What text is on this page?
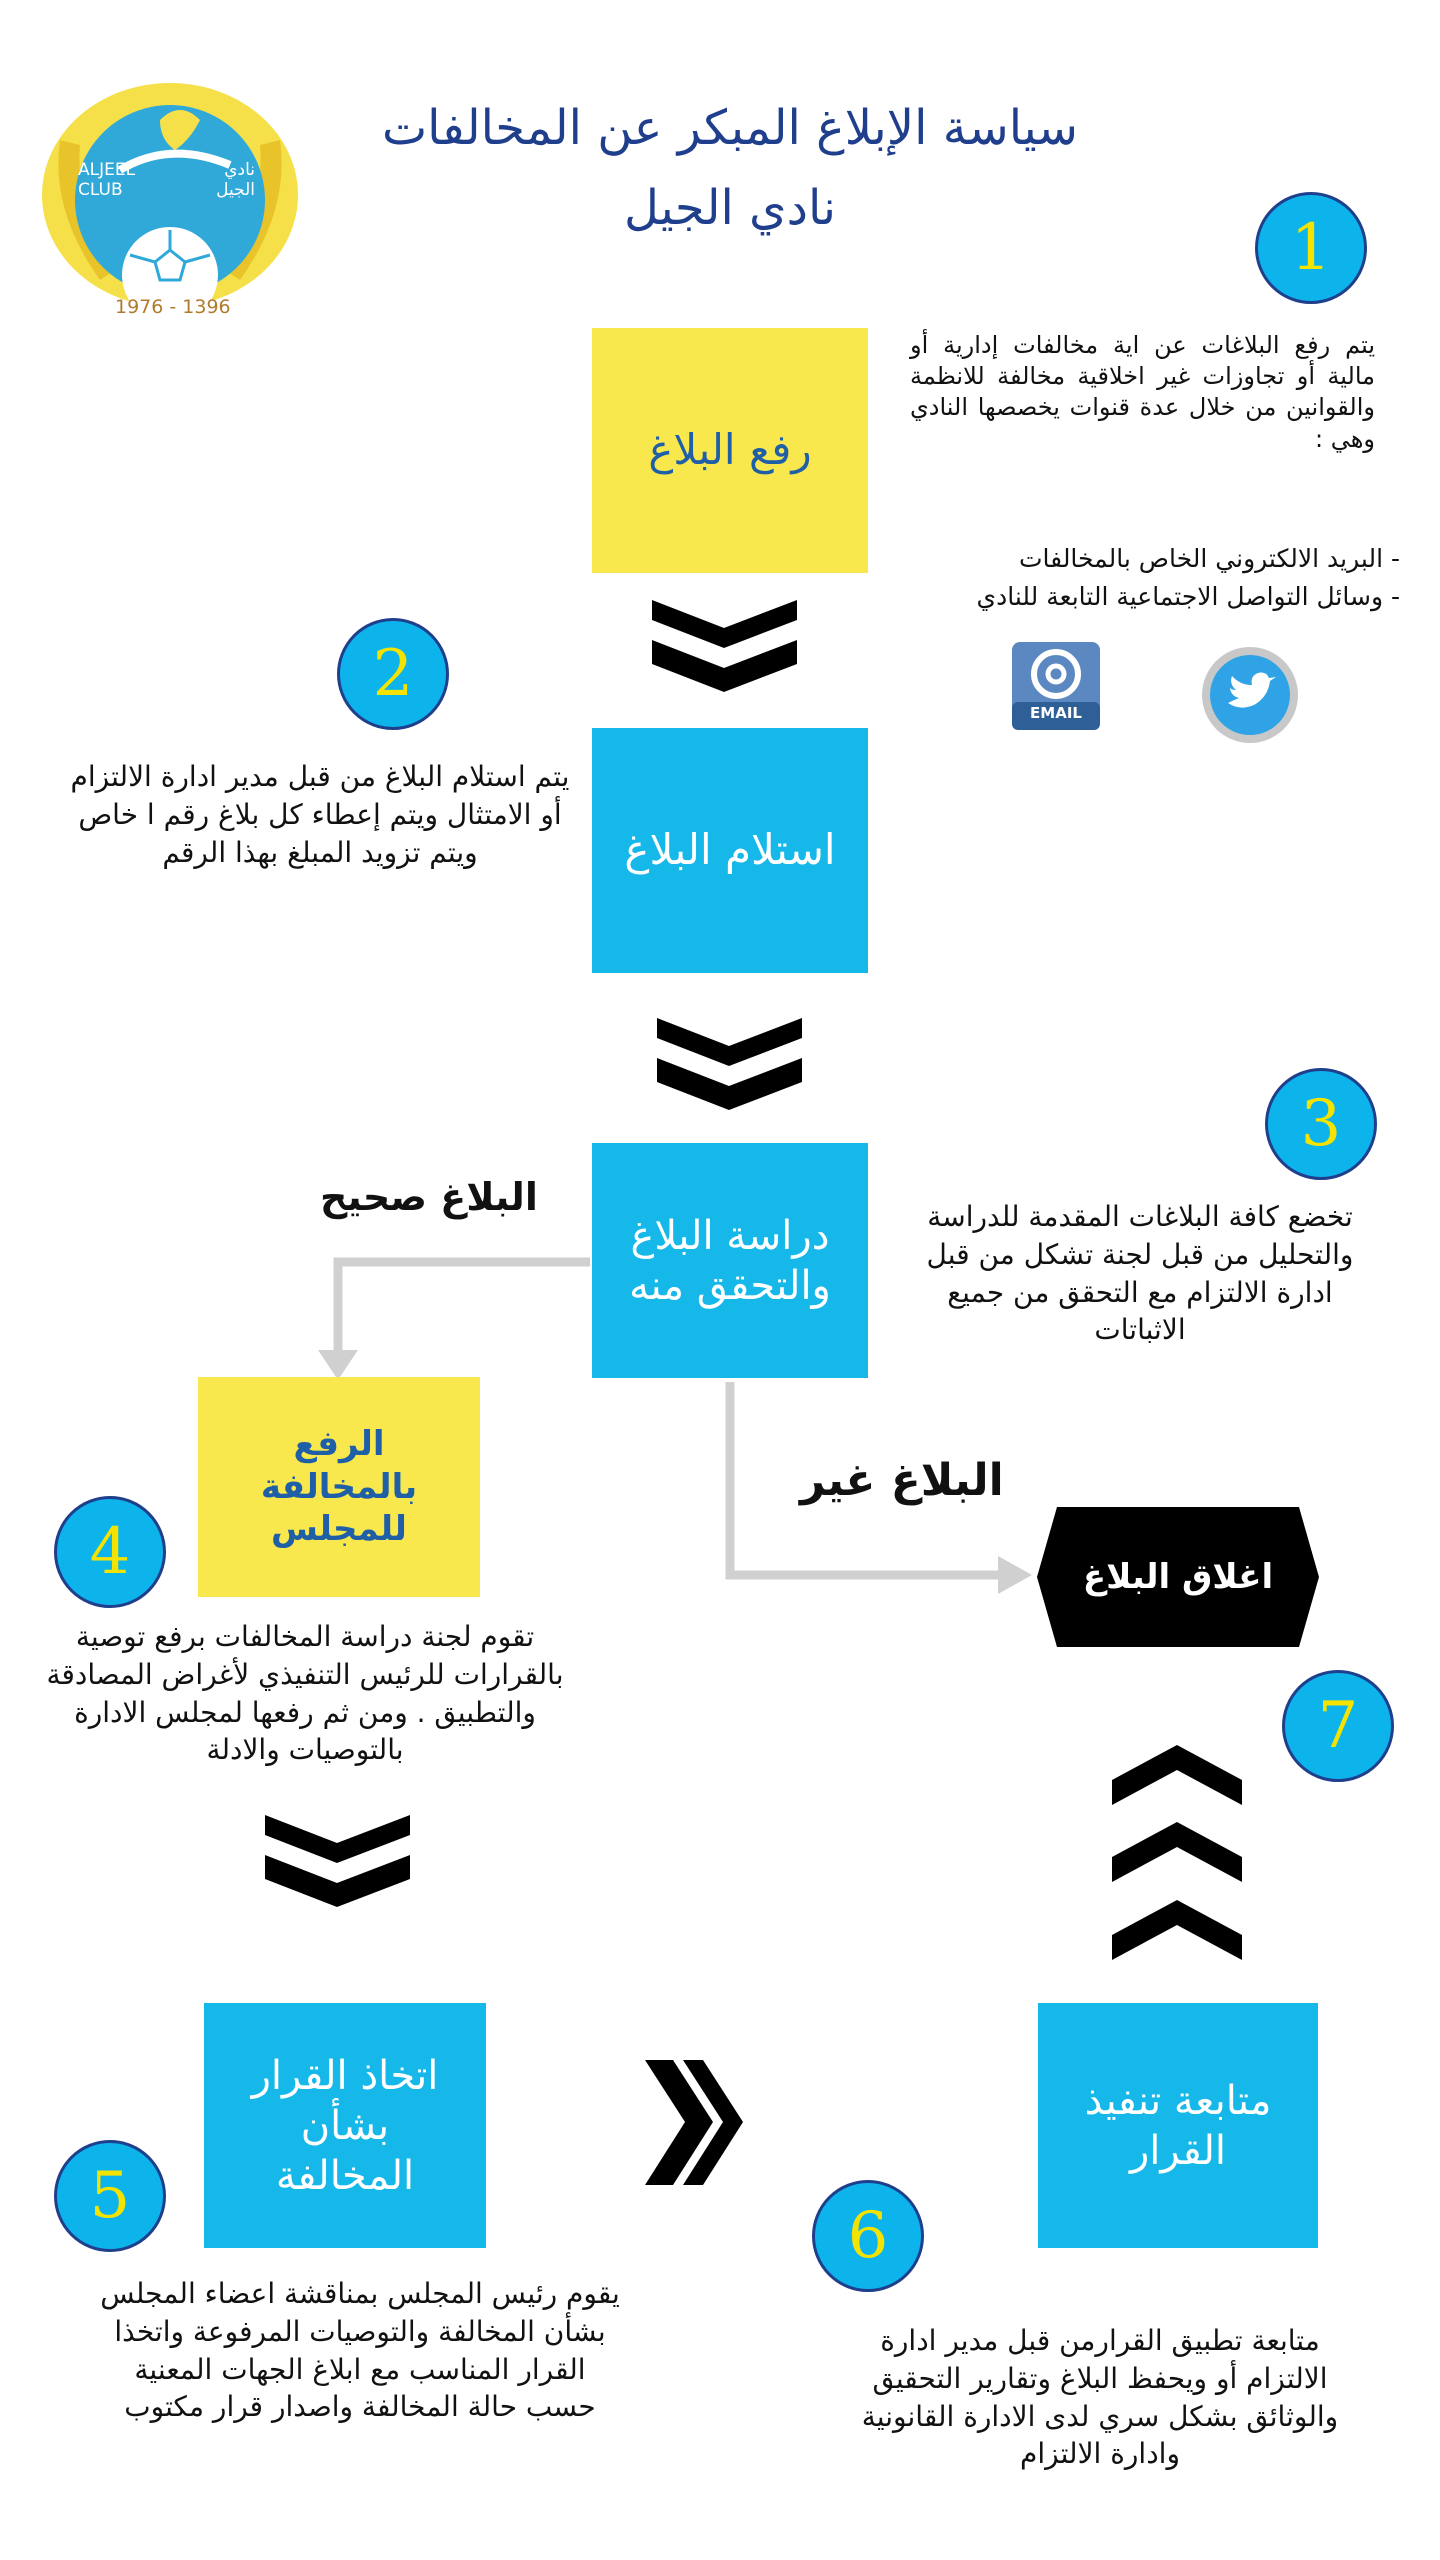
سياسة الإبلاغ المبكر عن المخالفات
نادي الجيل
ALJEEL CLUB
نادي الجيل
1976 - 1396
1
رفع البلاغ
يتم رفع البلاغات عن اية مخالفات إدارية أو مالية أو تجاوزات غير اخلاقية مخالفة للانظمة والقوانين من خلال عدة قنوات يخصصها النادي وهي :
- البريد الالكتروني الخاص بالمخالفات
- وسائل التواصل الاجتماعية التابعة للنادي
EMAIL
2
يتم استلام البلاغ من قبل مدير ادارة الالتزام أو الامتثال ويتم إعطاء كل بلاغ رقم ا خاص ويتم تزويد المبلغ بهذا الرقم	استلام البلاغ
3
دراسة البلاغ والتحقق منه
تخضع كافة البلاغات المقدمة للدراسة والتحليل من قبل لجنة تشكل من قبل ادارة الالتزام مع التحقق من جميع الاثباتات
البلاغ صحيح
البلاغ غير
الرفع بالمخالفة للمجلس
4
تقوم لجنة دراسة المخالفات برفع توصية بالقرارات للرئيس التنفيذي لأغراض المصادقة والتطبيق . ومن ثم رفعها لمجلس الادارة بالتوصيات والادلة
اغلاق البلاغ
7
اتخاذ القرار بشأن المخالفة
5
يقوم رئيس المجلس بمناقشة اعضاء المجلس بشأن المخالفة والتوصيات المرفوعة واتخذا القرار المناسب مع ابلاغ الجهات المعنية حسب حالة المخالفة واصدار قرار مكتوب
متابعة تنفيذ القرار
6
متابعة تطبيق القرارمن قبل مدير ادارة الالتزام أو ويحفظ البلاغ وتقارير التحقيق والوثائق بشكل سري لدى الادارة القانونية وادارة الالتزام
